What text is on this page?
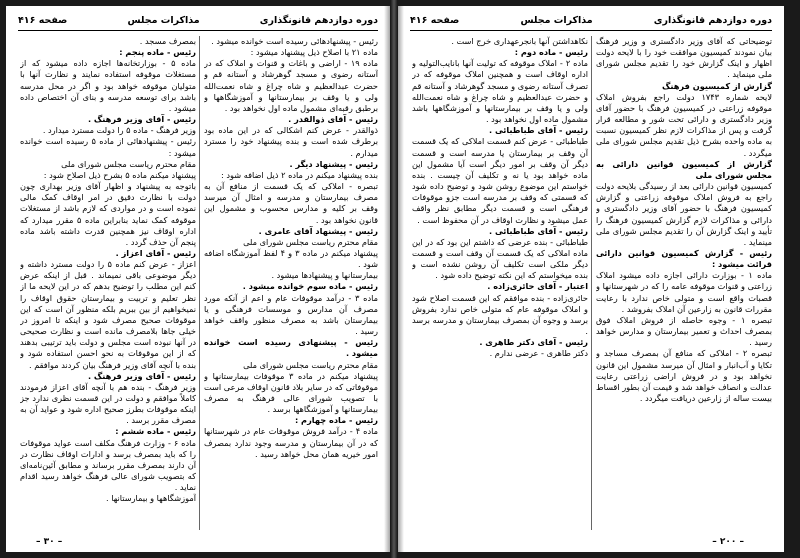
دوره دوازدهم قانونگذاری
مذاکرات مجلس
صفحه ۴۱۶

رئیس - پیشنهادهائی رسیده است خوانده میشود .

ماده ۲۱ با اصلاح ذیل پیشنهاد میشود :

ماده ۱۹ - اراضی و باغات و قنوات و املاک که در آستانه رضوی و مسجد گوهرشاد و آستانه قم و حضرت عبدالعظیم و شاه چراغ و شاه نعمت‌الله ولی و یا وقف بر بیمارستانها و آموزشگاهها و برطبق رقبه‌ای مشمول ماده اول نخواهد بود .

رئیس - آقای ذوالقدر .

ذوالقدر - عرض کنم اشکالی که در این ماده بود برطرف شده است و بنده پیشنهاد خود را مسترد میدارم .

رئیس - پیشنهاد دیگر .

بنده پیشنهاد میکنم در ماده ۲ ذیل اضافه شود :

تبصره - املاکی که یک قسمت از منافع آن به مصرف بیمارستان و مدرسه و امثال آن میرسد وقف بر کلیه و مدارس محسوب و مشمول این قانون نخواهد بود .

رئیس - پیشنهاد آقای عامری .

مقام محترم ریاست مجلس شورای ملی

پیشنهاد میکنم در ماده ۳ و ۴ لفظ آموزشگاه اضافه شود .

بیمارستانها و پیشنهادها میشود .

رئیس - ماده سوم خوانده میشود .

ماده ۳ - درآمد موقوفات عام و اعم از آنکه مورد مصرف آن مدارس و موسسات فرهنگی و یا بیمارستان باشد به مصرف منظور واقف خواهد رسید .

رئیس - پیشنهادی رسیده است خوانده میشود .

مقام محترم ریاست مجلس شورای ملی

پیشنهاد میکنم در ماده ۳ موقوفات بیمارستانها و موقوفاتی که در سایر بلاد قانون اوقاف مرعی است با تصویب شورای عالی فرهنگ به مصرف بیمارستانها و آموزشگاهها برسد .

رئیس - ماده چهارم :

ماده ۴ - درآمد فروش موقوفات عام در شهرستانها که در آن بیمارستان و مدرسه وجود ندارد بمصرف امور خیریه همان محل خواهد رسید .

بمصرف مسجد .

رئیس - ماده پنجم :

ماده ۵ - بوزارتخانه‌ها اجازه داده میشود که از مستغلات موقوفه استفاده نمایند و نظارت آنها با متولیان موقوفه خواهد بود و اگر در محل مدرسه باشد برای توسعه مدرسه و بنای آن اختصاص داده میشود .

رئیس - آقای وزیر فرهنگ .

وزیر فرهنگ - ماده ۵ را دولت مسترد میدارد .

رئیس - پیشنهادهائی از ماده ۵ رسیده است خوانده میشود :

مقام محترم ریاست مجلس شورای ملی

پیشنهاد میکنم ماده ۵ بشرح ذیل اصلاح شود :

باتوجه به پیشنهاد و اظهار آقای وزیر بهداری چون دولت با نظارت دقیق در امر اوقاف کمک مالی نموده است و در مواردی که لازم باشد از مستغلات موقوفه کمک نماید بنابراین ماده ۵ مقرر میدارد که اداره اوقاف نیز همچنین قدرت داشته باشد ماده پنجم آن حذف گردد .

رئیس - آقای اعزاز .

اعزاز - عرض کنم ماده ۵ را دولت مسترد داشته و دیگر موضوعی باقی نمیماند . قبل از اینکه عرض کنم این مطلب را توضیح بدهم که در این لایحه ما از نظر تعلیم و تربیت و بیمارستان حقوق اوقاف را نمیخواهیم از بین ببریم بلکه منظور آن است که این موقوفات صحیح مصرف شود و اینکه تا امروز در خیلی جاها بلامصرف مانده است و نظارت صحیحی در آنها نبوده است مجلس و دولت باید ترتیبی بدهند که از این موقوفات به نحو احسن استفاده شود و بنده با آنچه آقای وزیر فرهنگ بیان کردند موافقم .

رئیس - آقای وزیر فرهنگ .

وزیر فرهنگ - بنده هم با آنچه آقای اعزاز فرمودند کاملاً موافقم و دولت در این قسمت نظری ندارد جز اینکه موقوفات بطرز صحیح اداره شود و عواید آن به مصرف مقرر برسد .

رئیس - ماده ششم :

ماده ۶ - وزارت فرهنگ مکلف است عواید موقوفات را که باید بمصرف برسد و ادارات اوقاف نظارت در آن دارند بمصرف مقرر برساند و مطابق آئین‌نامه‌ای که بتصویب شورای عالی فرهنگ خواهد رسید اقدام نماید .

آموزشگاهها و بیمارستانها .

– ۳۰ –
دوره دوازدهم قانونگذاری
مذاکرات مجلس
صفحه ۴۱۶

توضیحاتی که آقای وزیر دادگستری و وزیر فرهنگ بیان نمودند کمیسیون موافقت خود را با لایحه دولت اظهار و اینک گزارش خود را تقدیم مجلس شورای ملی مینماید .

گزارش از کمیسیون فرهنگ

لایحه شماره ۱۷۴۳ دولت راجع بفروش املاک موقوفه زراعتی در کمیسیون فرهنگ با حضور آقای وزیر دادگستری و دارائی تحت شور و مطالعه قرار گرفت و پس از مذاکرات لازم نظر کمیسیون نسبت به ماده واحده بشرح ذیل تقدیم مجلس شورای ملی میگردد .

گزارش از کمیسیون قوانین دارائی به مجلس شورای ملی

کمیسیون قوانین دارائی بعد از رسیدگی بلایحه دولت راجع به فروش املاک موقوفه زراعتی و گزارش کمیسیون فرهنگ با حضور آقای وزیر دادگستری و دارائی و مذاکرات لازم گزارش کمیسیون فرهنگ را تأیید و اینک گزارش آن را تقدیم مجلس شورای ملی مینماید .

رئیس - گزارش کمیسیون قوانین دارائی قرائت میشود :

ماده ۱ - بوزارت دارائی اجازه داده میشود املاک زراعتی و قنوات موقوفه عامه را که در شهرستانها و قصبات واقع است و متولی خاص ندارد با رعایت مقررات قانون به زارعین آن املاک بفروشد .

تبصره ۱ - وجوه حاصله از فروش املاک فوق بمصرف احداث و تعمیر بیمارستان و مدارس خواهد رسید .

تبصره ۲ - املاکی که منافع آن بمصرف مساجد و تکایا و آب‌انبار و امثال آن میرسد مشمول این قانون نخواهد بود و در فروش اراضی زراعتی رعایت عدالت و انصاف خواهد شد و قیمت آن بطور اقساط بیست ساله از زارعین دریافت میگردد .

نکاهداشتن آنها بانجرعهداری خرج است .

رئیس - ماده دوم :

ماده ۲ - املاک موقوفه که تولیت آنها بانایب‌التولیه و اداره اوقاف است و همچنین املاک موقوفه که در تصرف آستانه رضوی و مسجد گوهرشاد و آستانه قم و حضرت عبدالعظیم و شاه چراغ و شاه نعمت‌الله ولی و یا وقف بر بیمارستانها و آموزشگاهها باشد مشمول ماده اول نخواهد بود .

رئیس - آقای طباطبائی .

طباطبائی - عرض کنم قسمت املاکی که یک قسمت آن وقف بر بیمارستان یا مدرسه است و قسمت دیگر آن وقف بر امور دیگر است آیا مشمول این ماده خواهد بود یا نه و تکلیف آن چیست . بنده خواستم این موضوع روشن شود و توضیح داده شود که قسمتی که وقف بر مدرسه است جزو موقوفات فرهنگی است و قسمت دیگر مطابق نظر واقف عمل میشود و نظارت اوقاف در آن محفوظ است .

رئیس - آقای طباطبائی .

طباطبائی - بنده عرضی که داشتم این بود که در این ماده املاکی که یک قسمت آن وقف است و قسمت دیگر ملکی است تکلیف آن روشن نشده است و بنده میخواستم که این نکته توضیح داده شود .

اعتبار - آقای حائری‌زاده .

حائری‌زاده - بنده موافقم که این قسمت اصلاح شود و املاک موقوفه عام که متولی خاص ندارد بفروش برسد و وجوه آن بمصرف بیمارستان و مدرسه برسد .

رئیس - آقای دکتر طاهری .

دکتر طاهری - عرضی ندارم .

– ۲۰۰ –
